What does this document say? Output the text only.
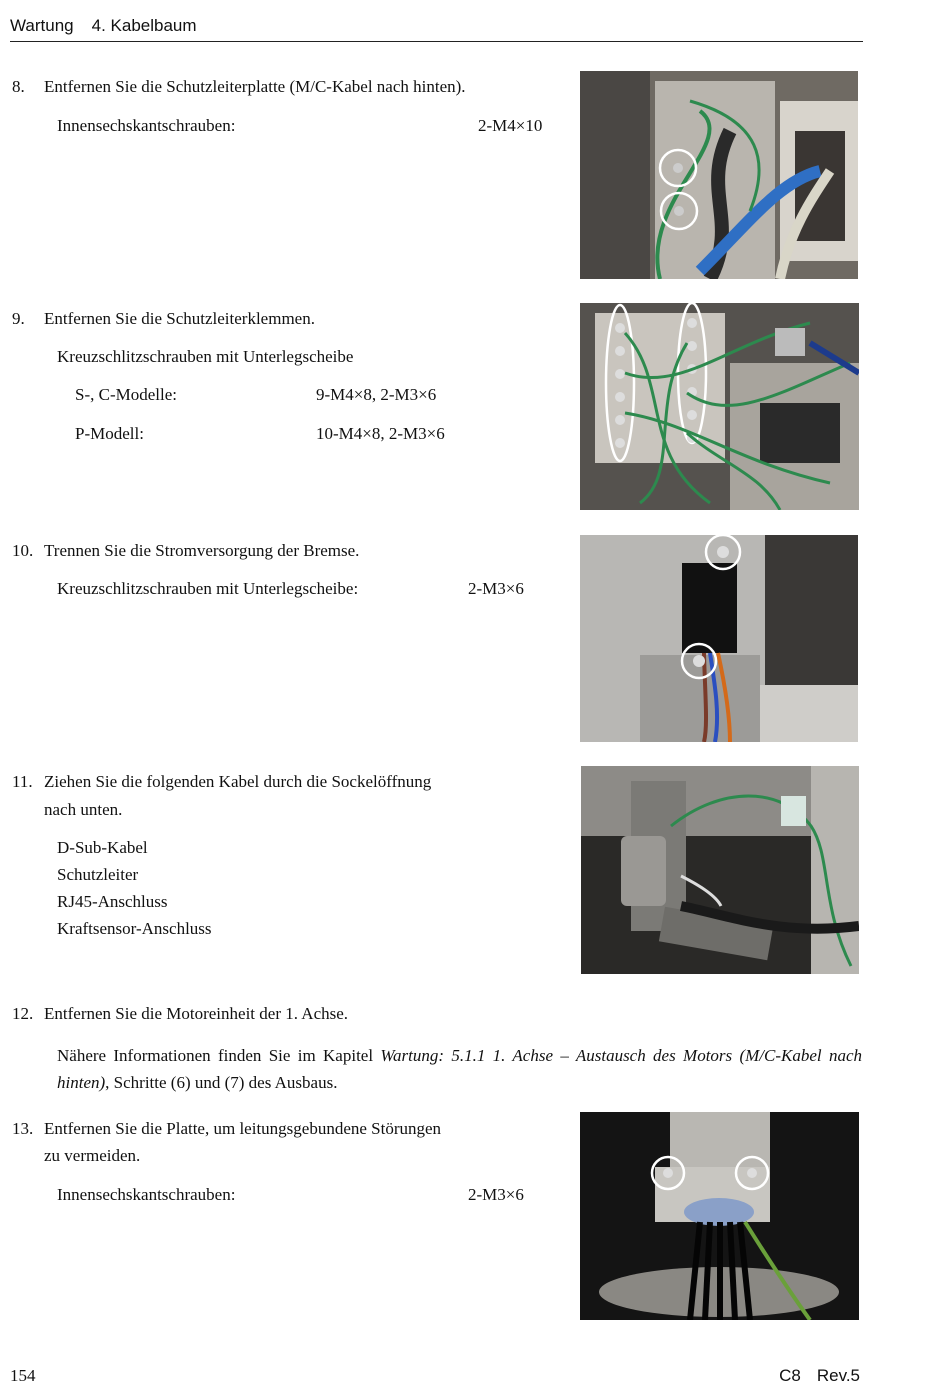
Wartung 4. Kabelbaum
8. Entfernen Sie die Schutzleiterplatte (M/C-Kabel nach hinten).
Innensechskantschrauben:	2-M4×10
9. Entfernen Sie die Schutzleiterklemmen.
Kreuzschlitzschrauben mit Unterlegscheibe
S-, C-Modelle:	9-M4×8, 2-M3×6
P-Modell:	10-M4×8, 2-M3×6
10. Trennen Sie die Stromversorgung der Bremse.
Kreuzschlitzschrauben mit Unterlegscheibe:	2-M3×6
11. Ziehen Sie die folgenden Kabel durch die Sockelöffnung
nach unten.
D-Sub-Kabel
Schutzleiter
RJ45-Anschluss
Kraftsensor-Anschluss
12. Entfernen Sie die Motoreinheit der 1. Achse.
Nähere Informationen finden Sie im Kapitel Wartung: 5.1.1 1. Achse – Austausch des Motors (M/C-Kabel nach hinten), Schritte (6) und (7) des Ausbaus.
13. Entfernen Sie die Platte, um leitungsgebundene Störungen
zu vermeiden.
Innensechskantschrauben:	2-M3×6
154	C8 Rev.5
